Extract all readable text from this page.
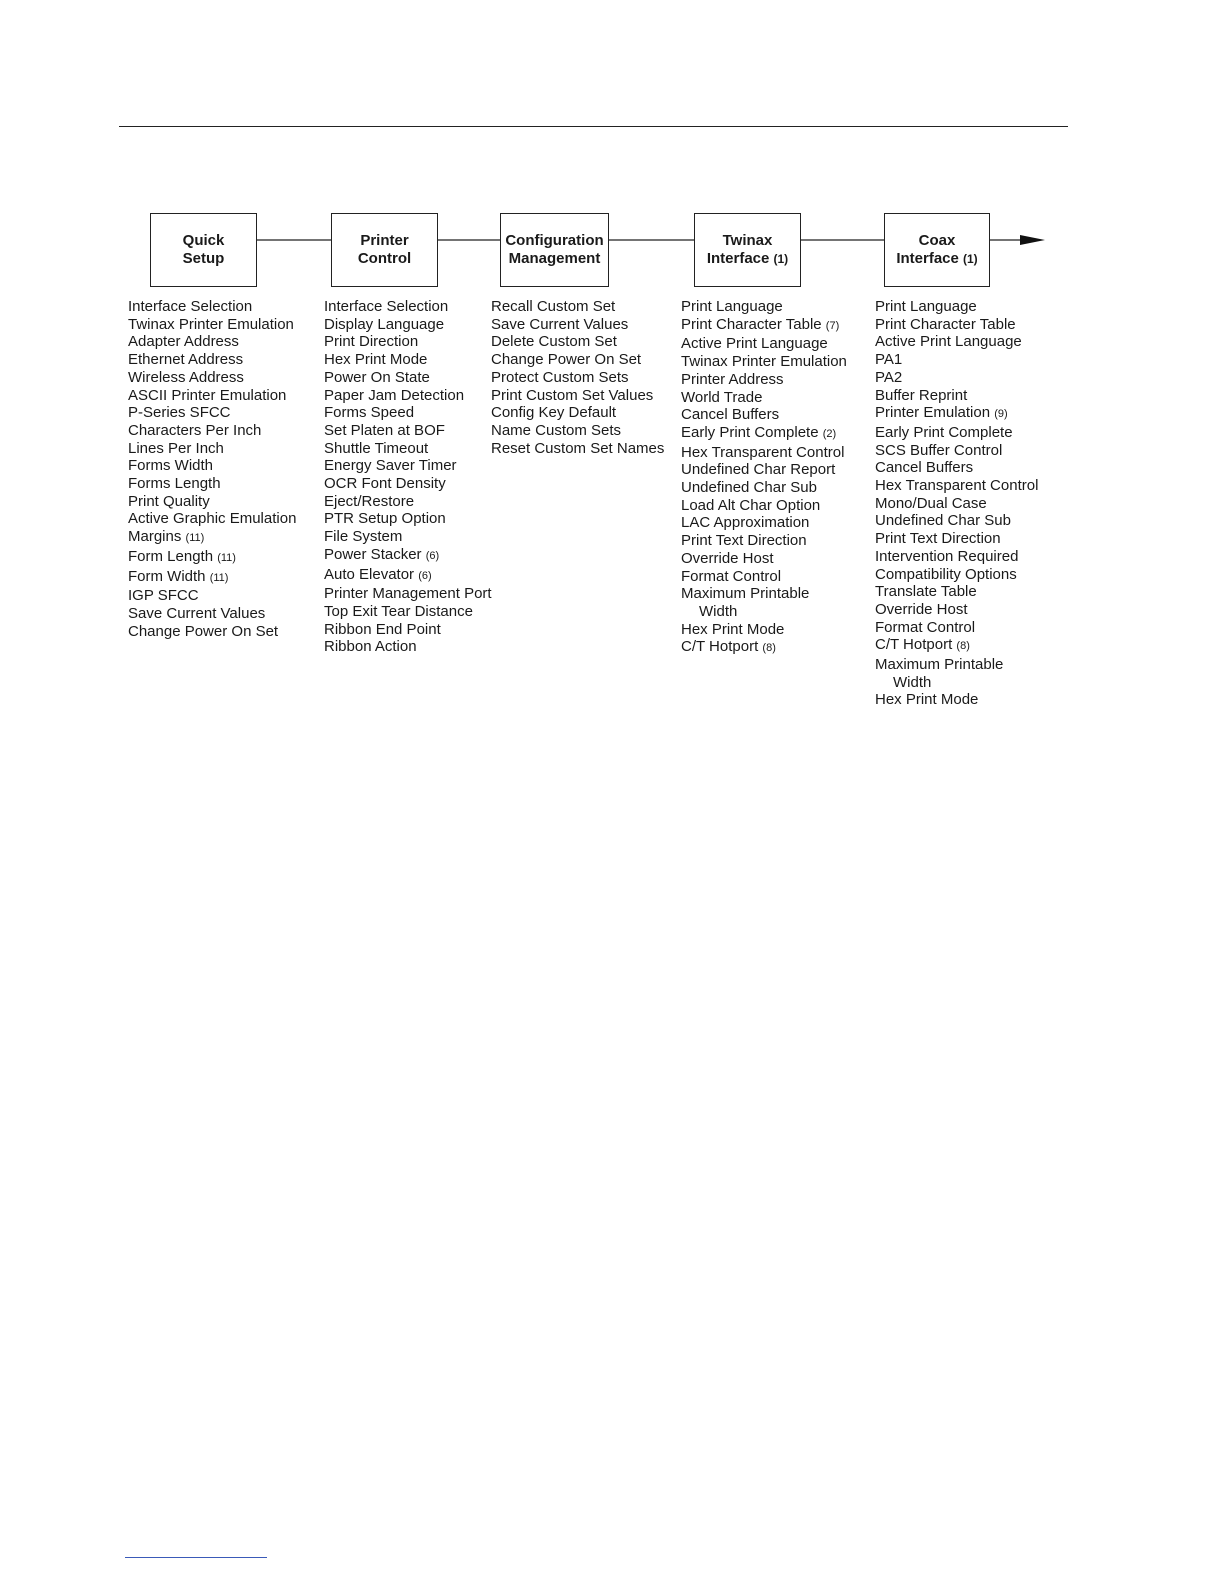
Quick
Setup
Interface Selection
Twinax Printer Emulation
Adapter Address
Ethernet Address
Wireless Address
ASCII Printer Emulation
P-Series SFCC
Characters Per Inch
Lines Per Inch
Forms Width
Forms Length
Print Quality
Active Graphic Emulation
Margins (11)
Form Length (11)
Form Width (11)
IGP SFCC
Save Current Values
Change Power On Set
Printer
Control
Interface Selection
Display Language
Print Direction
Hex Print Mode
Power On State
Paper Jam Detection
Forms Speed
Set Platen at BOF
Shuttle Timeout
Energy Saver Timer
OCR Font Density
Eject/Restore
PTR Setup Option
File System
Power Stacker (6)
Auto Elevator (6)
Printer Management Port
Top Exit Tear Distance
Ribbon End Point
Ribbon Action
Configuration
Management
Recall Custom Set
Save Current Values
Delete Custom Set
Change Power On Set
Protect Custom Sets
Print Custom Set Values
Config Key Default
Name Custom Sets
Reset Custom Set Names
Twinax
Interface (1)
Print Language
Print Character Table (7)
Active Print Language
Twinax Printer Emulation
Printer Address
World Trade
Cancel Buffers
Early Print Complete (2)
Hex Transparent Control
Undefined Char Report
Undefined Char Sub
Load Alt Char Option
LAC Approximation
Print Text Direction
Override Host
Format Control
Maximum Printable
Width
Hex Print Mode
C/T Hotport (8)
Coax
Interface (1)
Print Language
Print Character Table
Active Print Language
PA1
PA2
Buffer Reprint
Printer Emulation (9)
Early Print Complete
SCS Buffer Control
Cancel Buffers
Hex Transparent Control
Mono/Dual Case
Undefined Char Sub
Print Text Direction
Intervention Required
Compatibility Options
Translate Table
Override Host
Format Control
C/T Hotport (8)
Maximum Printable
Width
Hex Print Mode
